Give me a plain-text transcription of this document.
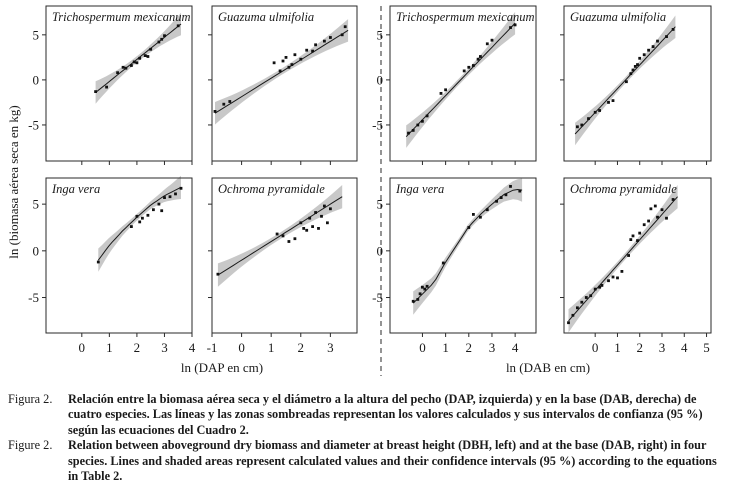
ln (biomasa aérea seca en kg)
ln (DAP en cm)	ln (DAB en cm)
Trichospermum mexicanum
-5
0
5
Guazuma ulmifolia	Trichospermum mexicanum
-5
0
5
Guazuma ulmifolia
Inga vera
-5
0
5
0 1 2 3 4
Ochroma pyramidale
-1 0 1 2 3
Inga vera
-5
0
5
0 1 2 3 4
Ochroma pyramidale
0 1 2 3 4 5
Figura 2.	Relación entre la biomasa aérea seca y el diámetro a la altura del pecho (DAP, izquierda) y en la base (DAB, derecha) de cuatro especies. Las líneas y las zonas sombreadas representan los valores calculados y sus intervalos de confianza (95 %) según las ecuaciones del Cuadro 2.
Figure 2.	Relation between aboveground dry biomass and diameter at breast height (DBH, left) and at the base (DAB, right) in four species. Lines and shaded areas represent calculated values and their confidence intervals (95 %) according to the equations in Table 2.
